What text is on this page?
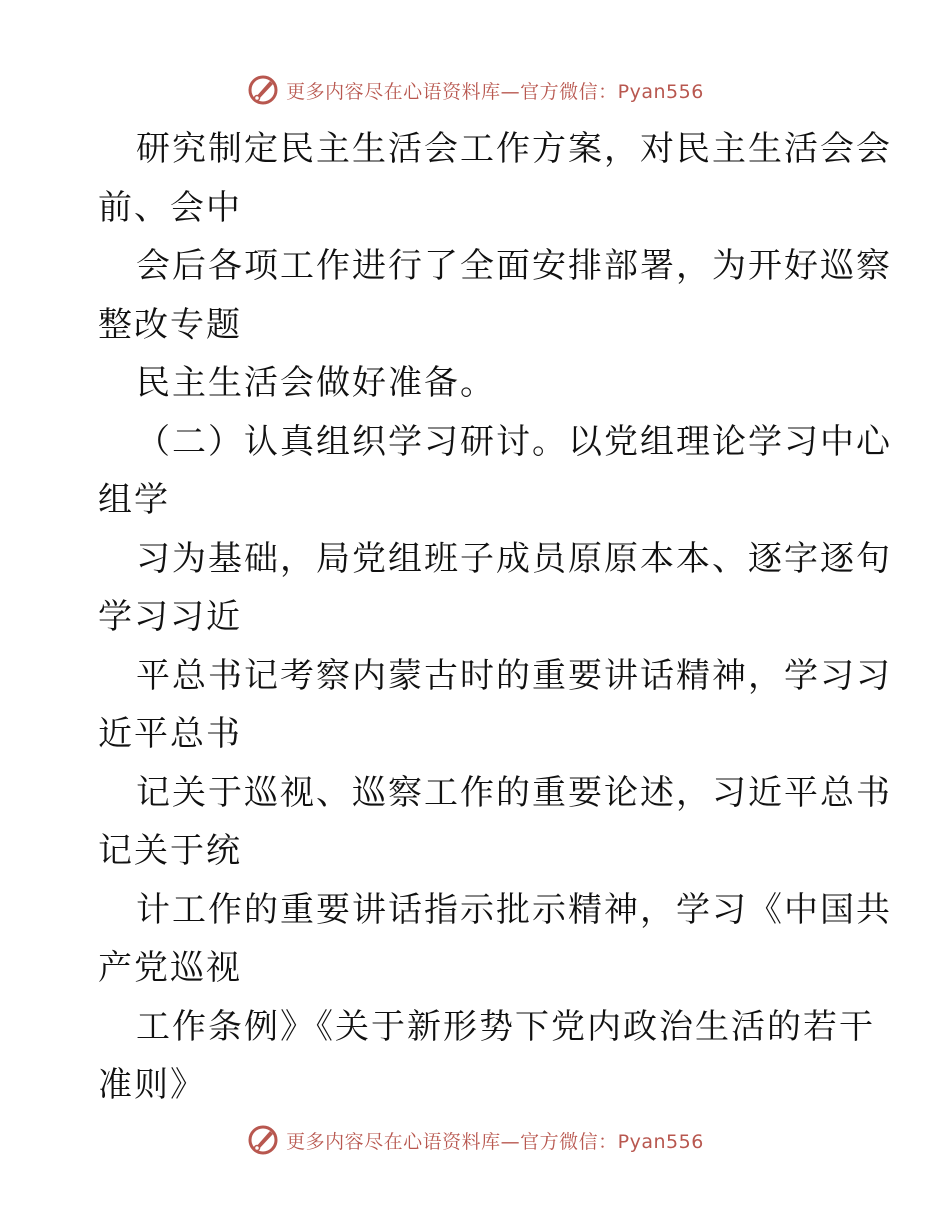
更多内容尽在心语资料库—官方微信：Pyan556
研究制定民主生活会工作方案，对民主生活会会
前、会中
会后各项工作进行了全面安排部署，为开好巡察
整改专题
民主生活会做好准备。
（二）认真组织学习研讨。以党组理论学习中心
组学
习为基础，局党组班子成员原原本本、逐字逐句
学习习近
平总书记考察内蒙古时的重要讲话精神，学习习
近平总书
记关于巡视、巡察工作的重要论述，习近平总书
记关于统
计工作的重要讲话指示批示精神，学习《中国共
产党巡视
工作条例》《关于新形势下党内政治生活的若干
准则》
更多内容尽在心语资料库—官方微信：Pyan556
